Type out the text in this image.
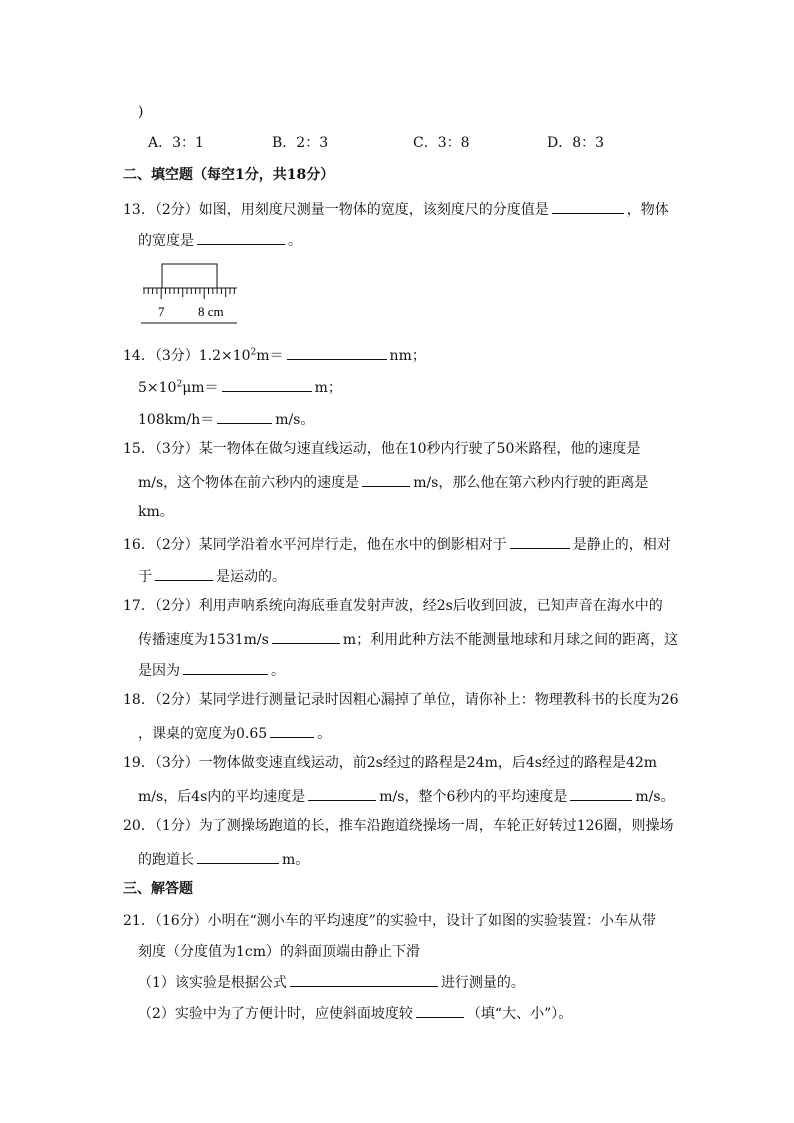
)
A．3：1	B．2：3	C．3：8	D．8：3
二、填空题（每空1分，共18分）
13．（2分）如图，用刻度尺测量一物体的宽度，该刻度尺的分度值是	，物体
的宽度是	。
7	8 cm
14．（3分）$1.2\times 10^2m=$	nm；
$5\times 10^2\mu m=$	m；
108km/h＝	m/s。
15．（3分）某一物体在做匀速直线运动，他在10秒内行驶了50米路程，他的速度是
m/s，这个物体在前六秒内的速度是	m/s，那么他在第六秒内行驶的距离是
km。
16．（2分）某同学沿着水平河岸行走，他在水中的倒影相对于	是静止的，相对
于	是运动的。
17．（2分）利用声呐系统向海底垂直发射声波，经2s后收到回波，已知声音在海水中的
传播速度为1531m/s	m；利用此种方法不能测量地球和月球之间的距离，这
是因为	。
18．（2分）某同学进行测量记录时因粗心漏掉了单位，请你补上：物理教科书的长度为26
，课桌的宽度为0.65	。
19．（3分）一物体做变速直线运动，前2s经过的路程是24m，后4s经过的路程是42m
m/s，后4s内的平均速度是	m/s，整个6秒内的平均速度是	m/s。
20．（1分）为了测操场跑道的长，推车沿跑道绕操场一周，车轮正好转过126圈，则操场
的跑道长	m。
三、解答题
21．（16分）小明在“测小车的平均速度”的实验中，设计了如图的实验装置：小车从带
刻度（分度值为1cm）的斜面顶端由静止下滑
（1）该实验是根据公式	进行测量的。
（2）实验中为了方便计时，应使斜面坡度较	（填“大、小”）。
